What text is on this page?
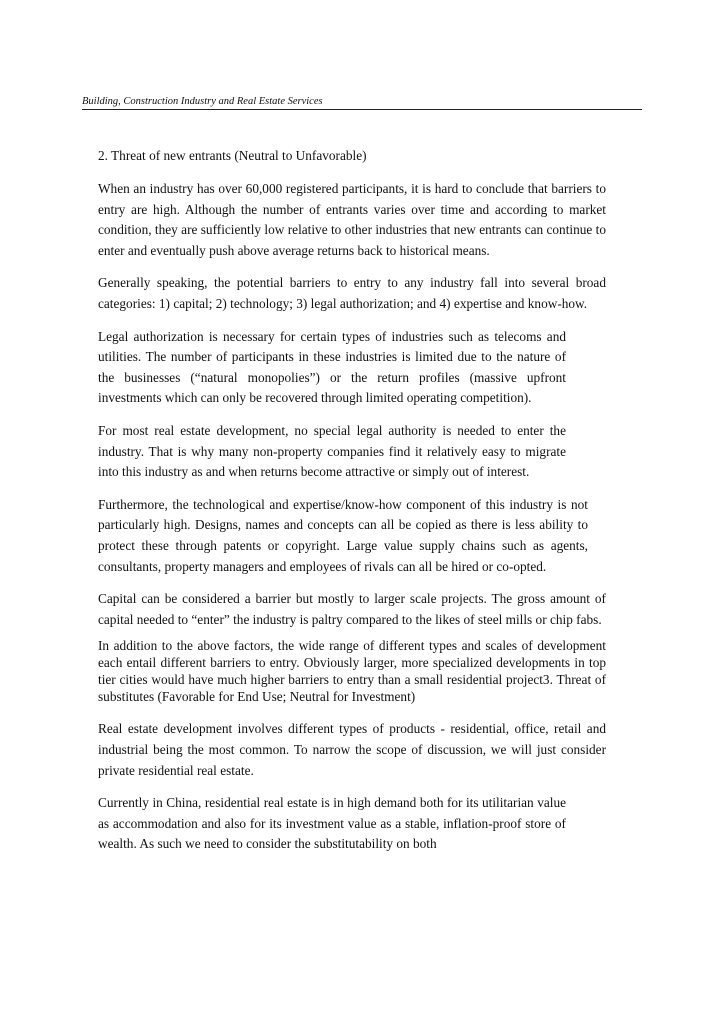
Building, Construction Industry and Real Estate Services

2. Threat of new entrants (Neutral to Unfavorable)

When an industry has over 60,000 registered participants, it is hard to conclude that barriers to entry are high. Although the number of entrants varies over time and according to market condition, they are sufficiently low relative to other industries that new entrants can continue to enter and eventually push above average returns back to historical means.

Generally speaking, the potential barriers to entry to any industry fall into several broad categories: 1) capital; 2) technology; 3) legal authorization; and 4) expertise and know-how.

Legal authorization is necessary for certain types of industries such as telecoms and utilities. The number of participants in these industries is limited due to the nature of the businesses (“natural monopolies”) or the return profiles (massive upfront investments which can only be recovered through limited operating competition).

For most real estate development, no special legal authority is needed to enter the industry. That is why many non-property companies find it relatively easy to migrate into this industry as and when returns become attractive or simply out of interest.

Furthermore, the technological and expertise/know-how component of this industry is not particularly high. Designs, names and concepts can all be copied as there is less ability to protect these through patents or copyright. Large value supply chains such as agents, consultants, property managers and employees of rivals can all be hired or co-opted.

Capital can be considered a barrier but mostly to larger scale projects. The gross amount of capital needed to “enter” the industry is paltry compared to the likes of steel mills or chip fabs.

In addition to the above factors, the wide range of different types and scales of development each entail different barriers to entry. Obviously larger, more specialized developments in top tier cities would have much higher barriers to entry than a small residential project3. Threat of substitutes (Favorable for End Use; Neutral for Investment)

Real estate development involves different types of products - residential, office, retail and industrial being the most common. To narrow the scope of discussion, we will just consider private residential real estate.

Currently in China, residential real estate is in high demand both for its utilitarian value as accommodation and also for its investment value as a stable, inflation-proof store of wealth. As such we need to consider the substitutability on both
